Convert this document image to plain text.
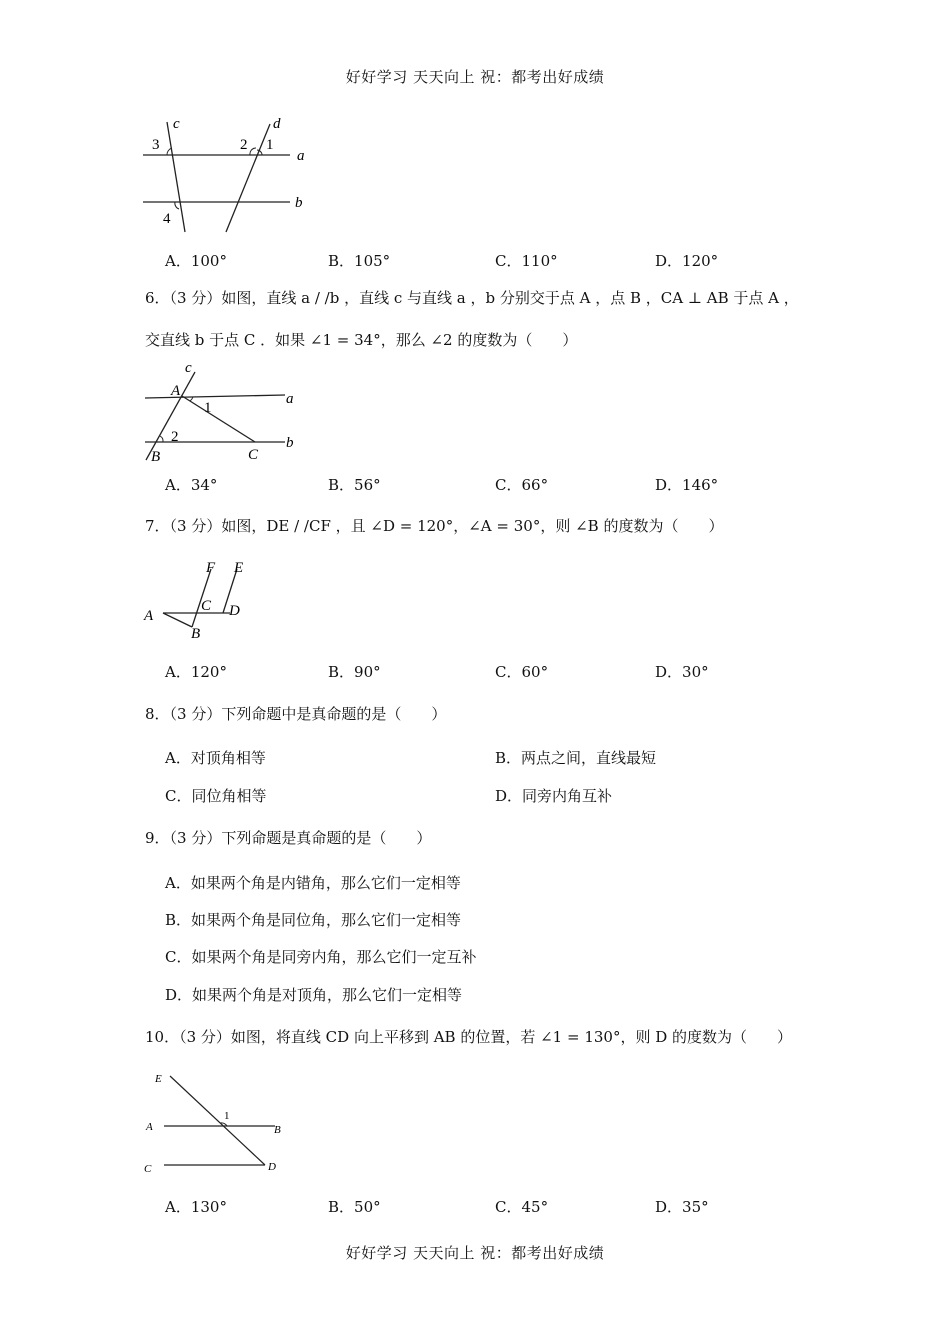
好好学习 天天向上 祝：都考出好成绩
c	d
a
b
3	2 1
4
A．100°	B．105°	C．110°	D．120°
6．（3 分）如图，直线 a / /b ，直线 c 与直线 a ，b 分别交于点 A ，点 B ，CA ⊥ AB 于点 A ，
交直线 b 于点 C ．如果 ∠1 = 34°，那么 ∠2 的度数为（　　）
c
A	a
1
2	b
B	C
A．34°	B．56°	C．66°	D．146°
7．（3 分）如图，DE / /CF ，且 ∠D = 120°，∠A = 30°，则 ∠B 的度数为（　　）
F E
C D
A
B
A．120°	B．90°	C．60°	D．30°
8．（3 分）下列命题中是真命题的是（　　）
A．对顶角相等	B．两点之间，直线最短
C．同位角相等	D．同旁内角互补
9．（3 分）下列命题是真命题的是（　　）
A．如果两个角是内错角，那么它们一定相等
B．如果两个角是同位角，那么它们一定相等
C．如果两个角是同旁内角，那么它们一定互补
D．如果两个角是对顶角，那么它们一定相等
10．（3 分）如图，将直线 CD 向上平移到 AB 的位置，若 ∠1 = 130°，则 D 的度数为（　　）
E
A
1
B
C	D
A．130°	B．50°	C．45°	D．35°
好好学习 天天向上 祝：都考出好成绩
